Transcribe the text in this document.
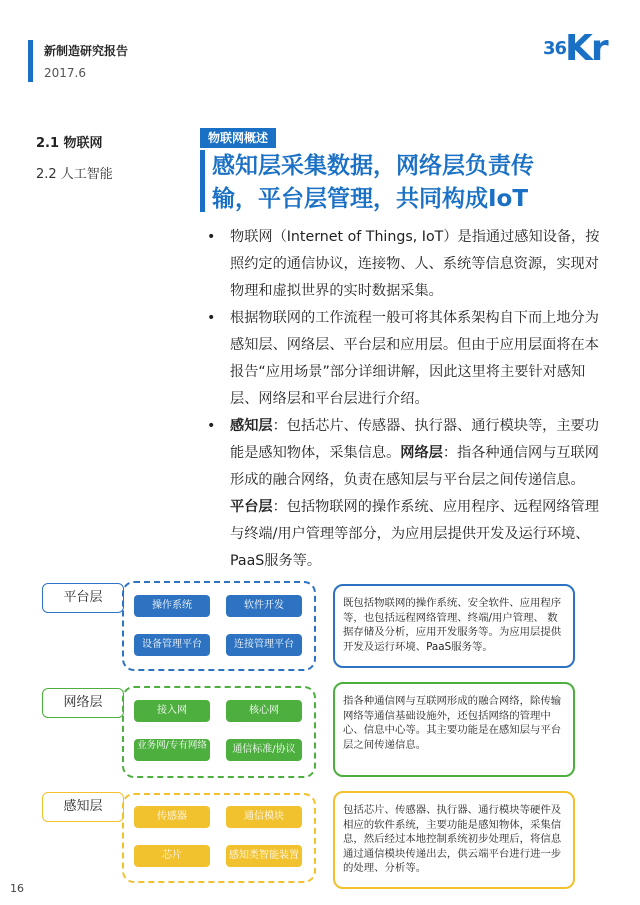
新制造研究报告
2017.6
36
Kr
2.1 物联网
2.2 人工智能
物联网概述
感知层采集数据，网络层负责传
输，平台层管理，共同构成IoT
• 物联网（Internet of Things, IoT）是指通过感知设备，按照约定的通信协议，连接物、人、系统等信息资源，实现对物理和虚拟世界的实时数据采集。
• 根据物联网的工作流程一般可将其体系架构自下而上地分为感知层、网络层、平台层和应用层。但由于应用层面将在本报告“应用场景”部分详细讲解，因此这里将主要针对感知层、网络层和平台层进行介绍。
• 感知层：包括芯片、传感器、执行器、通行模块等，主要功能是感知物体，采集信息。网络层：指各种通信网与互联网形成的融合网络，负责在感知层与平台层之间传递信息。 平台层：包括物联网的操作系统、应用程序、远程网络管理与终端/用户管理等部分，为应用层提供开发及运行环境、PaaS服务等。
平台层
操作系统	软件开发
设备管理平台	连接管理平台
既包括物联网的操作系统、安全软件、应用程序等，也包括远程网络管理、终端/用户管理、 数据存储及分析，应用开发服务等。为应用层提供开发及运行环境、PaaS服务等。
网络层
接入网	核心网
业务网/专有网络	通信标准/协议
指各种通信网与互联网形成的融合网络，除传输网络等通信基础设施外，还包括网络的管理中心、信息中心等。其主要功能是在感知层与平台层之间传递信息。
感知层
传感器	通信模块
芯片	感知类智能装置
包括芯片、传感器、执行器、通行模块等硬件及相应的软件系统，主要功能是感知物体，采集信息，然后经过本地控制系统初步处理后，将信息通过通信模块传递出去，供云端平台进行进一步的处理、分析等。
16
